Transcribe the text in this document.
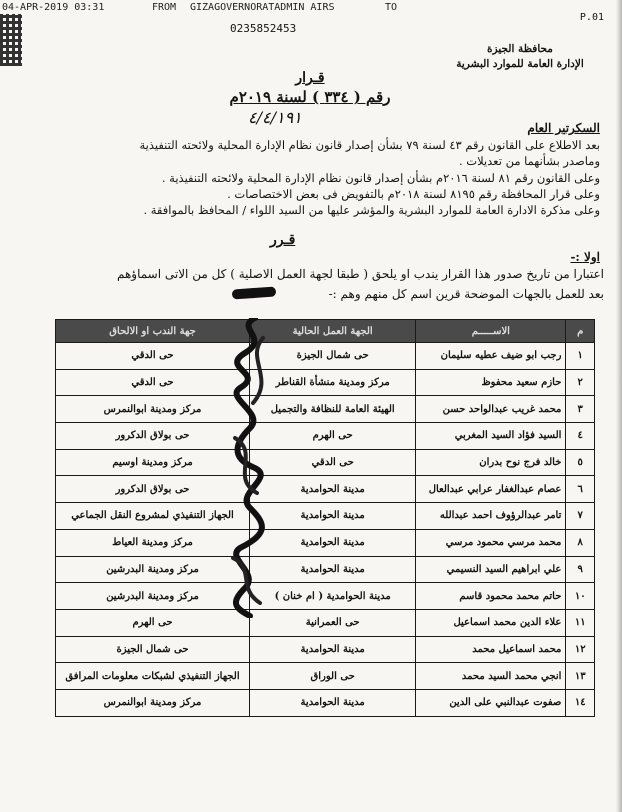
04-APR-2019 03:31	FROM GIZAGOVERNORATADMIN AIRS	TO
0235852453
P.01
محافظة الجيزة
الإدارة العامة للموارد البشرية
قـرار
رقم ( ٣٣٤ ) لسنة ٢٠١٩م
٤/٤/١٩١
السكرتير العام
بعد الاطلاع على القانون رقم ٤٣ لسنة ٧٩ بشأن إصدار قانون نظام الإدارة المحلية ولائحته التنفيذية
وماصدر بشأنهما من تعديلات .
وعلى القانون رقم ٨١ لسنة ٢٠١٦م بشأن إصدار قانون نظام الإدارة المحلية ولائحته التنفيذية .
وعلى قرار المحافظة رقم ٨١٩٥ لسنة ٢٠١٨م بالتفويض فى بعض الاختصاصات .
وعلى مذكرة الادارة العامة للموارد البشرية والمؤشر عليها من السيد اللواء / المحافظ بالموافقة .
قـرر
اولا :-
اعتبارا من تاريخ صدور هذا القرار يندب او يلحق ( طبقا لجهة العمل الاصلية ) كل من الاتى اسماؤهم
بعد للعمل بالجهات الموضحة قرين اسم كل منهم وهم :-
م	الاســـــم	الجهة العمل الحالية	جهة الندب او الالحاق
١	رجب ابو ضيف عطيه سليمان	حى شمال الجيزة	حى الدقي
٢	حازم سعيد محفوظ	مركز ومدينة منشأة القناطر	حى الدقي
٣	محمد غريب عبدالواحد حسن	الهيئة العامة للنظافة والتجميل	مركز ومدينة ابوالنمرس
٤	السيد فؤاد السيد المغربي	حى الهرم	حى بولاق الدكرور
٥	خالد فرج نوح بدران	حى الدقي	مركز ومدينة اوسيم
٦	عصام عبدالغفار عرابي عبدالعال	مدينة الحوامدية	حى بولاق الدكرور
٧	تامر عبدالرؤوف احمد عبدالله	مدينة الحوامدية	الجهاز التنفيذي لمشروع النقل الجماعي
٨	محمد مرسي محمود مرسي	مدينة الحوامدية	مركز ومدينة العياط
٩	علي ابراهيم السيد النسيمي	مدينة الحوامدية	مركز ومدينة البدرشين
١٠	حاتم محمد محمود قاسم	مدينة الحوامدية ( ام خنان )	مركز ومدينة البدرشين
١١	علاء الدين محمد اسماعيل	حى العمرانية	حى الهرم
١٢	محمد اسماعيل محمد	مدينة الحوامدية	حى شمال الجيزة
١٣	انجي محمد السيد محمد	حى الوراق	الجهاز التنفيذي لشبكات معلومات المرافق
١٤	صفوت عبدالنبي على الدين	مدينة الحوامدية	مركز ومدينة ابوالنمرس
